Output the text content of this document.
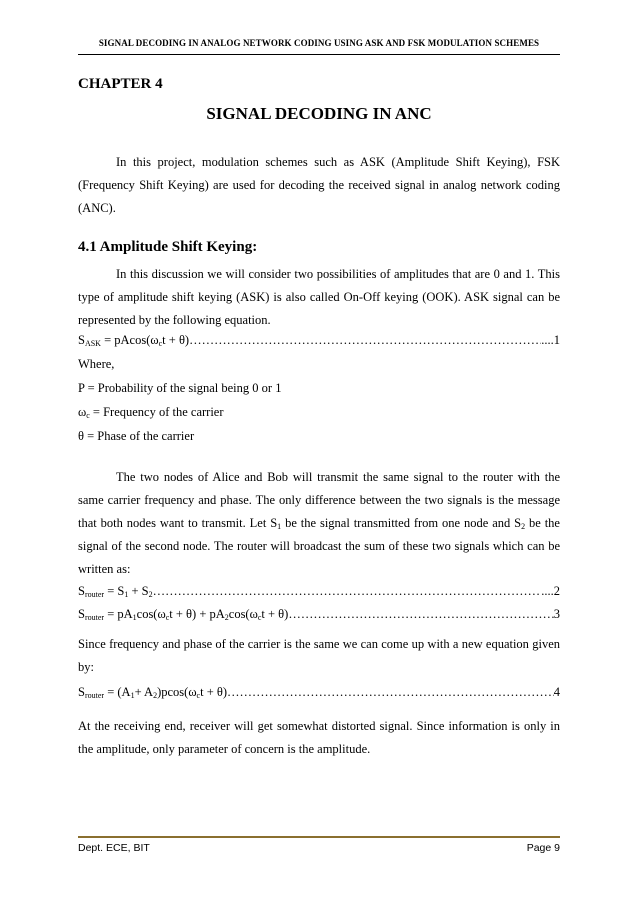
SIGNAL DECODING IN ANALOG NETWORK CODING USING ASK AND FSK MODULATION SCHEMES
CHAPTER 4
SIGNAL DECODING IN ANC
In this project, modulation schemes such as ASK (Amplitude Shift Keying), FSK (Frequency Shift Keying) are used for decoding the received signal in analog network coding (ANC).
4.1 Amplitude Shift Keying:
In this discussion we will consider two possibilities of amplitudes that are 0 and 1. This type of amplitude shift keying (ASK) is also called On-Off keying (OOK). ASK signal can be represented by the following equation.
$S_{ASK} = pAcos(\omega_ct + \theta)$ …………………………………………………………………………………………………………………………………………………………………………………………	....1
Where,
P = Probability of the signal being 0 or 1
$\omega_c$ = Frequency of the carrier
θ = Phase of the carrier
The two nodes of Alice and Bob will transmit the same signal to the router with the same carrier frequency and phase. The only difference between the two signals is the message that both nodes want to transmit. Let $S_1$ be the signal transmitted from one node and $S_2$ be the signal of the second node. The router will broadcast the sum of these two signals which can be written as:
$S_{router} = S_1 + S_2$ …………………………………………………………………………………………………………………………………………………………………………………………	....2
$S_{router} = pA_1\cos(\omega_ct + \theta) + pA_2\cos(\omega_ct + \theta)$ …………………………………………………………………………………………………………………………………………………………………………………………	3
Since frequency and phase of the carrier is the same we can come up with a new equation given by:
$S_{router} = (A_1+ A_2)pcos(\omega_ct + \theta)$ …………………………………………………………………………………………………………………………………………………………………………………………	4
At the receiving end, receiver will get somewhat distorted signal. Since information is only in the amplitude, only parameter of concern is the amplitude.
Dept. ECE, BIT	Page 9
